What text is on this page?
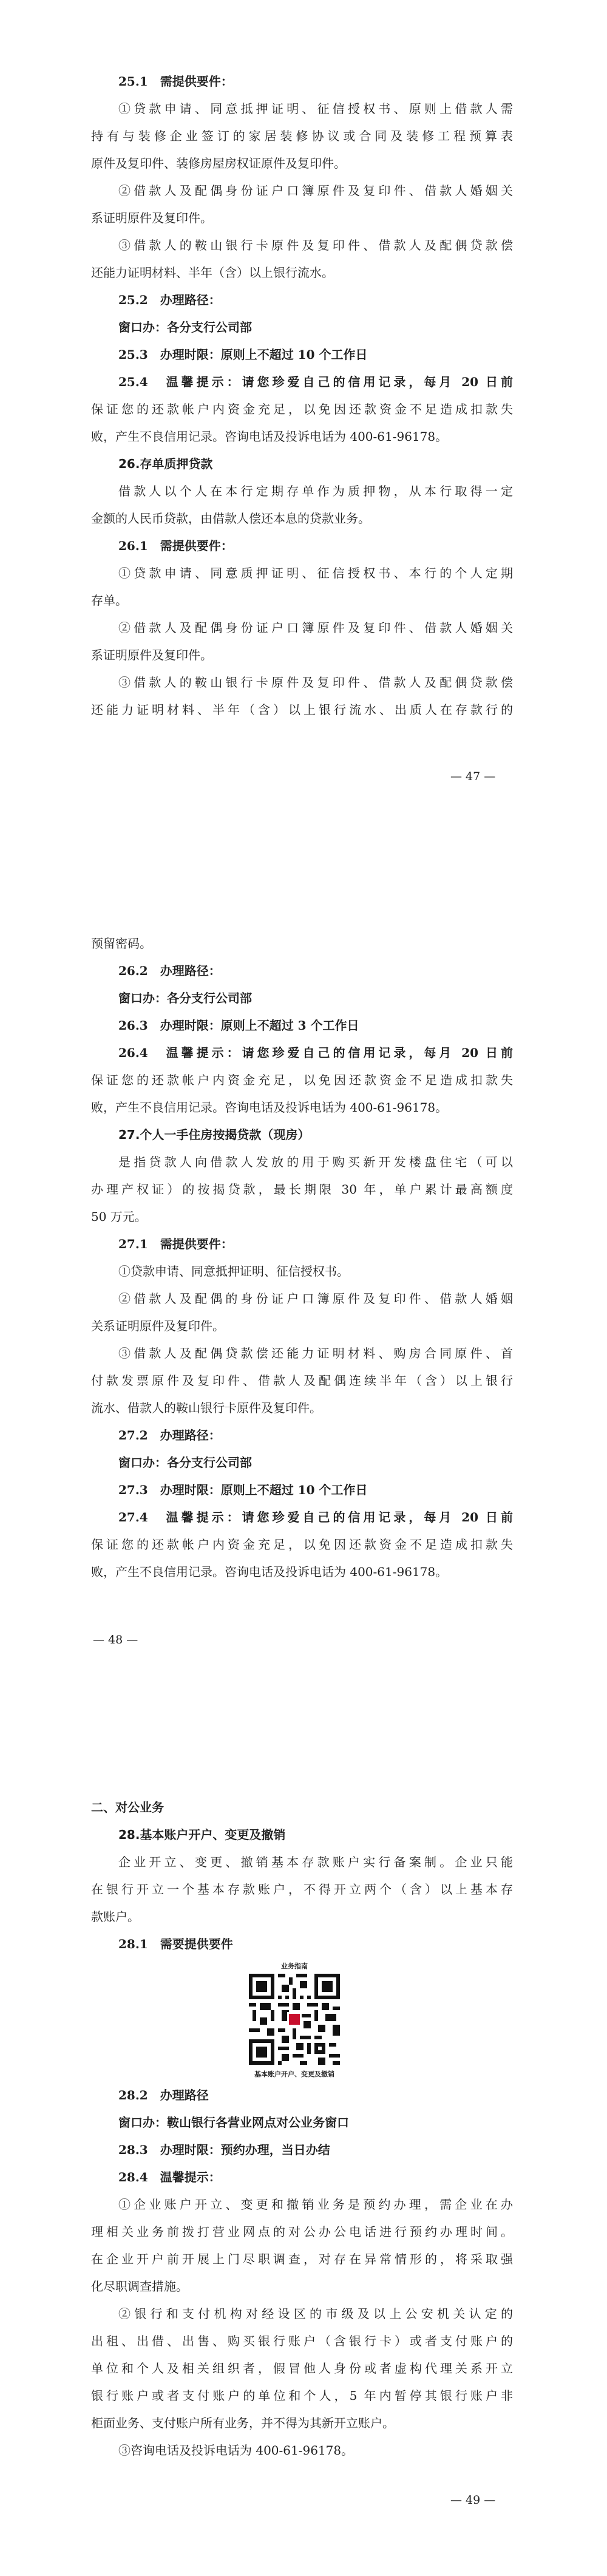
25.1　需提供要件：
①贷款申请、同意抵押证明、征信授权书、原则上借款人需
持有与装修企业签订的家居装修协议或合同及装修工程预算表
原件及复印件、装修房屋房权证原件及复印件。
②借款人及配偶身份证户口簿原件及复印件、借款人婚姻关
系证明原件及复印件。
③借款人的鞍山银行卡原件及复印件、借款人及配偶贷款偿
还能力证明材料、半年（含）以上银行流水。
25.2　办理路径：
窗口办：各分支行公司部
25.3　办理时限：原则上不超过 10 个工作日
25.4　温馨提示：请您珍爱自己的信用记录，每月 20 日前
保证您的还款帐户内资金充足，以免因还款资金不足造成扣款失
败，产生不良信用记录。咨询电话及投诉电话为 400-61-96178。
26.存单质押贷款
借款人以个人在本行定期存单作为质押物，从本行取得一定
金额的人民币贷款，由借款人偿还本息的贷款业务。
26.1　需提供要件：
①贷款申请、同意质押证明、征信授权书、本行的个人定期
存单。
②借款人及配偶身份证户口簿原件及复印件、借款人婚姻关
系证明原件及复印件。
③借款人的鞍山银行卡原件及复印件、借款人及配偶贷款偿
还能力证明材料、半年（含）以上银行流水、出质人在存款行的
— 47 —
预留密码。
26.2　办理路径：
窗口办：各分支行公司部
26.3　办理时限：原则上不超过 3 个工作日
26.4　温馨提示：请您珍爱自己的信用记录，每月 20 日前
保证您的还款帐户内资金充足，以免因还款资金不足造成扣款失
败，产生不良信用记录。咨询电话及投诉电话为 400-61-96178。
27.个人一手住房按揭贷款（现房）
是指贷款人向借款人发放的用于购买新开发楼盘住宅（可以
办理产权证）的按揭贷款，最长期限 30 年，单户累计最高额度
50 万元。
27.1　需提供要件：
①贷款申请、同意抵押证明、征信授权书。
②借款人及配偶的身份证户口簿原件及复印件、借款人婚姻
关系证明原件及复印件。
③借款人及配偶贷款偿还能力证明材料、购房合同原件、首
付款发票原件及复印件、借款人及配偶连续半年（含）以上银行
流水、借款人的鞍山银行卡原件及复印件。
27.2　办理路径：
窗口办：各分支行公司部
27.3　办理时限：原则上不超过 10 个工作日
27.4　温馨提示：请您珍爱自己的信用记录，每月 20 日前
保证您的还款帐户内资金充足，以免因还款资金不足造成扣款失
败，产生不良信用记录。咨询电话及投诉电话为 400-61-96178。
— 48 —
二、对公业务
28.基本账户开户、变更及撤销
企业开立、变更、撤销基本存款账户实行备案制。企业只能
在银行开立一个基本存款账户，不得开立两个（含）以上基本存
款账户。
28.1　需要提供要件
业务指南
基本账户开户、变更及撤销
28.2　办理路径
窗口办：鞍山银行各营业网点对公业务窗口
28.3　办理时限：预约办理，当日办结
28.4　温馨提示：
①企业账户开立、变更和撤销业务是预约办理，需企业在办
理相关业务前拨打营业网点的对公办公电话进行预约办理时间。
在企业开户前开展上门尽职调查，对存在异常情形的，将采取强
化尽职调查措施。
②银行和支付机构对经设区的市级及以上公安机关认定的
出租、出借、出售、购买银行账户（含银行卡）或者支付账户的
单位和个人及相关组织者，假冒他人身份或者虚构代理关系开立
银行账户或者支付账户的单位和个人，5 年内暂停其银行账户非
柜面业务、支付账户所有业务，并不得为其新开立账户。
③咨询电话及投诉电话为 400-61-96178。
— 49 —
